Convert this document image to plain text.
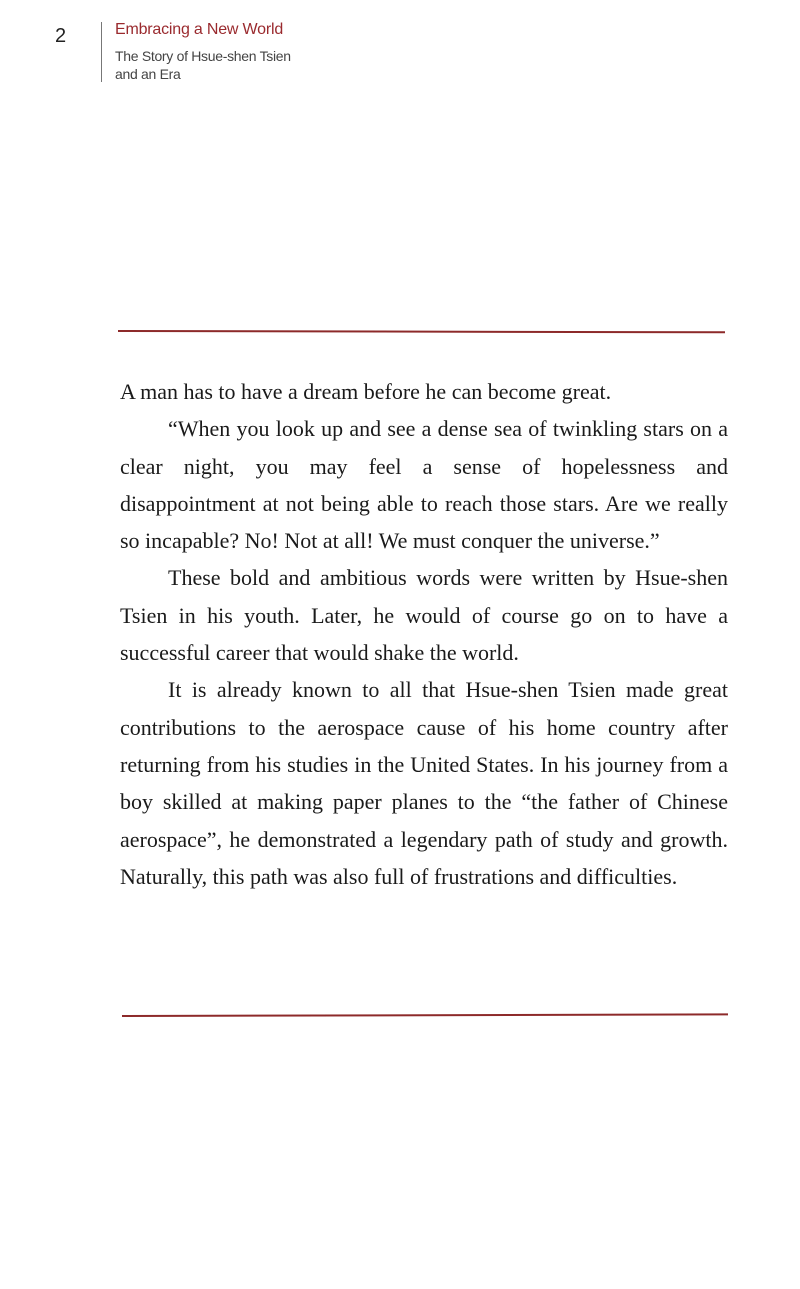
2	Embracing a New World
The Story of Hsue-shen Tsien
and an Era

A man has to have a dream before he can become great.

“When you look up and see a dense sea of twinkling stars on a clear night, you may feel a sense of hopelessness and disappointment at not being able to reach those stars. Are we really so incapable? No! Not at all! We must conquer the universe.”

These bold and ambitious words were written by Hsue-shen Tsien in his youth. Later, he would of course go on to have a successful career that would shake the world.

It is already known to all that Hsue-shen Tsien made great contributions to the aerospace cause of his home country after returning from his studies in the United States. In his journey from a boy skilled at making paper planes to the “the father of Chinese aerospace”, he demonstrated a legendary path of study and growth. Naturally, this path was also full of frustrations and difficulties.
